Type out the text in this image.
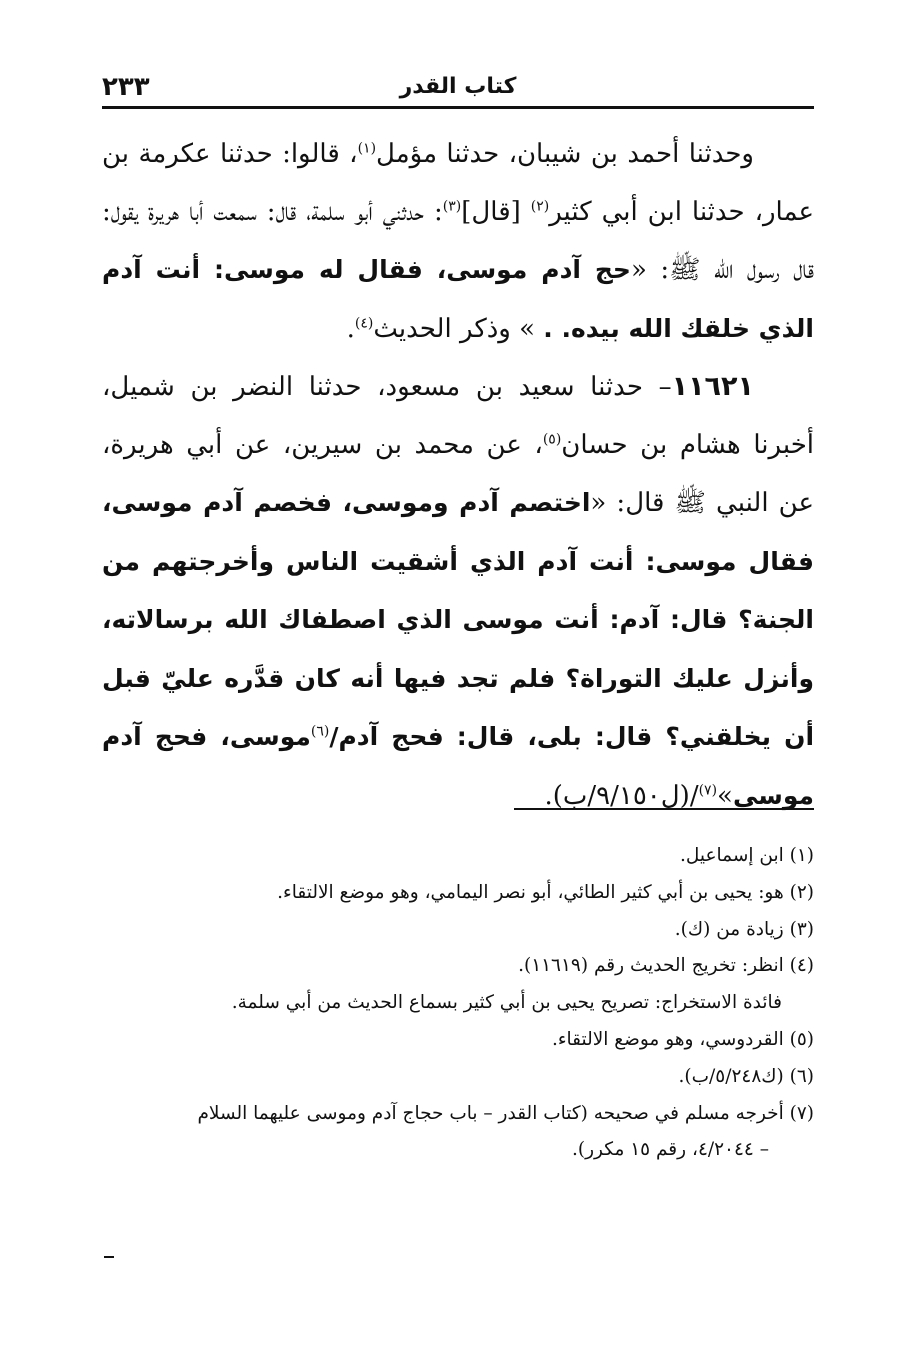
٢٣٣	كتاب القدر

وحدثنا أحمد بن شيبان، حدثنا مؤمل$^{(١)}$، قالوا: حدثنا عكرمة بن عمار، حدثنا ابن أبي كثير$^{(٢)}$ [قال]$^{(٣)}$: حدثني أبو سلمة، قال: سمعت أبا هريرة يقول: قال رسول الله ﷺ: «حج آدم موسى، فقال له موسى: أنت آدم الذي خلقك الله بيده. . » وذكر الحديث$^{(٤)}$.

١١٦٢١– حدثنا سعيد بن مسعود، حدثنا النضر بن شميل، أخبرنا هشام بن حسان$^{(٥)}$، عن محمد بن سيرين، عن أبي هريرة، عن النبي ﷺ قال: «اختصم آدم وموسى، فخصم آدم موسى، فقال موسى: أنت آدم الذي أشقيت الناس وأخرجتهم من الجنة؟ قال: آدم: أنت موسى الذي اصطفاك الله برسالاته، وأنزل عليك التوراة؟ فلم تجد فيها أنه كان قدَّره عليّ قبل أن يخلقني؟ قال: بلى، قال: فحج آدم/$^{(٦)}$موسى، فحج آدم موسى»$^{(٧)}$/(ل٩/١٥٠/ب).

(١) ابن إسماعيل.

(٢) هو: يحيى بن أبي كثير الطائي، أبو نصر اليمامي، وهو موضع الالتقاء.

(٣) زيادة من (ك).

(٤) انظر: تخريج الحديث رقم (١١٦١٩).

فائدة الاستخراج: تصريح يحيى بن أبي كثير بسماع الحديث من أبي سلمة.

(٥) القردوسي، وهو موضع الالتقاء.

(٦) (ك٥/٢٤٨/ب).

(٧) أخرجه مسلم في صحيحه (كتاب القدر – باب حجاج آدم وموسى عليهما السلام

– ٤/٢٠٤٤، رقم ١٥ مكرر).
